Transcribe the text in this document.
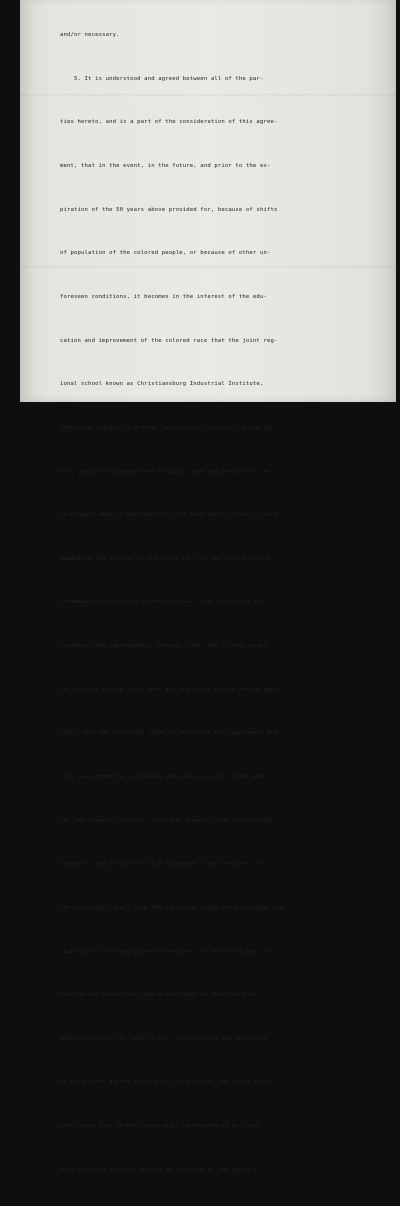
and/or necessary.

5. It is understood and agreed between all of the par-

ties hereto, and is a part of the consideration of this agree-

ment, that in the event, in the future, and prior to the ex-

piration of the 50 years above provided for, because of shifts

of population of the colored people, or because of other un-

foreseen conditions, it becomes in the interest of the edu-

cation and improvement of the colored race that the joint reg-

ional school known as Christiansburg Industrial Institute,

should be changed to another location or locations in the gen-

eral region of Southwestern Virginia, and the parties of the

first part deem it desirable to sell said entire tract of land

deeded to the parties of the first part by the said Friend's

Freedman's Association of Philadelphia, etc. including all

buildings and improvements thereon, then, and in that event,

the parties of the first part and the party of the second part

shall have the unlimited right to terminate this agreement and

sell said property, including the said six acres tract and

the improvements thereon, Provided, however, and it is hereby

agreed by the parties to this agreement, that the party of

the third part shall have the exclusive right and privilege, and

such right is hereby given to the party of the third part, to

buy the six acres tract above-described at the then fair

market value of the land itself (exclusive of any buildings

or structures placed thereon by the party of the third part)

which said fair market value shall be determined by three

disinterested persons, one to be selected by the party of
